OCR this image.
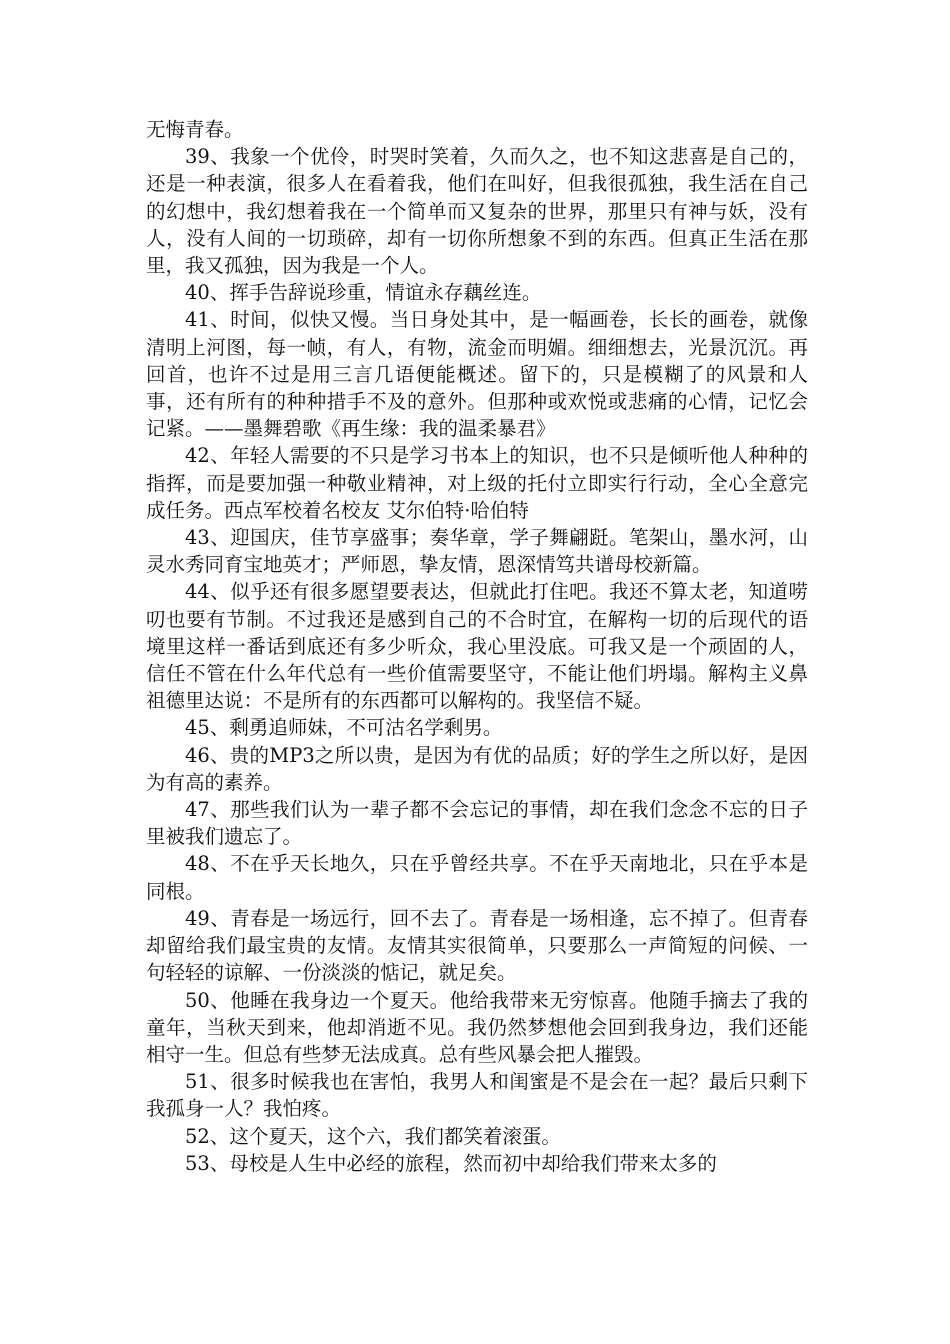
无悔青春。

39、我象一个优伶，时哭时笑着，久而久之，也不知这悲喜是自己的，还是一种表演，很多人在看着我，他们在叫好，但我很孤独，我生活在自己的幻想中，我幻想着我在一个简单而又复杂的世界，那里只有神与妖，没有人，没有人间的一切琐碎，却有一切你所想象不到的东西。但真正生活在那里，我又孤独，因为我是一个人。

40、挥手告辞说珍重，情谊永存藕丝连。

41、时间，似快又慢。当日身处其中，是一幅画卷，长长的画卷，就像清明上河图，每一帧，有人，有物，流金而明媚。细细想去，光景沉沉。再回首，也许不过是用三言几语便能概述。留下的，只是模糊了的风景和人事，还有所有的种种措手不及的意外。但那种或欢悦或悲痛的心情，记忆会记紧。——墨舞碧歌《再生缘：我的温柔暴君》

42、年轻人需要的不只是学习书本上的知识，也不只是倾听他人种种的指挥，而是要加强一种敬业精神，对上级的托付立即实行行动，全心全意完成任务。西点军校着名校友 艾尔伯特·哈伯特

43、迎国庆，佳节享盛事；奏华章，学子舞翩跹。笔架山，墨水河，山灵水秀同育宝地英才；严师恩，挚友情，恩深情笃共谱母校新篇。

44、似乎还有很多愿望要表达，但就此打住吧。我还不算太老，知道唠叨也要有节制。不过我还是感到自己的不合时宜，在解构一切的后现代的语境里这样一番话到底还有多少听众，我心里没底。可我又是一个顽固的人，信任不管在什么年代总有一些价值需要坚守，不能让他们坍塌。解构主义鼻祖德里达说：不是所有的东西都可以解构的。我坚信不疑。

45、剩勇追师妹，不可沽名学剩男。

46、贵的MP3之所以贵，是因为有优的品质；好的学生之所以好，是因为有高的素养。

47、那些我们认为一辈子都不会忘记的事情，却在我们念念不忘的日子里被我们遗忘了。

48、不在乎天长地久，只在乎曾经共享。不在乎天南地北，只在乎本是同根。

49、青春是一场远行，回不去了。青春是一场相逢，忘不掉了。但青春却留给我们最宝贵的友情。友情其实很简单，只要那么一声简短的问候、一句轻轻的谅解、一份淡淡的惦记，就足矣。

50、他睡在我身边一个夏天。他给我带来无穷惊喜。他随手摘去了我的童年，当秋天到来，他却消逝不见。我仍然梦想他会回到我身边，我们还能相守一生。但总有些梦无法成真。总有些风暴会把人摧毁。

51、很多时候我也在害怕，我男人和闺蜜是不是会在一起？最后只剩下我孤身一人？我怕疼。

52、这个夏天，这个六，我们都笑着滚蛋。

53、母校是人生中必经的旅程，然而初中却给我们带来太多的
